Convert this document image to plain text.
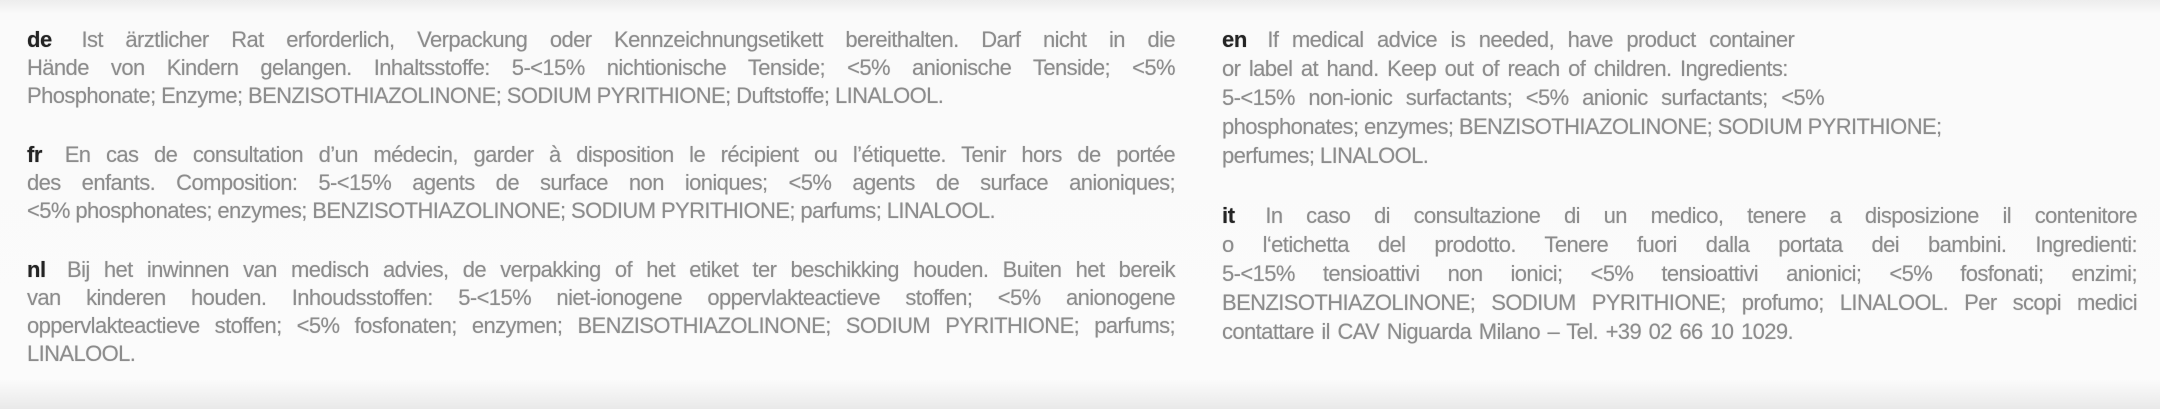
de Ist ärztlicher Rat erforderlich, Verpackung oder Kennzeichnungsetikett bereithalten. Darf nicht in die
Hände von Kindern gelangen. Inhaltsstoffe: 5-<15% nichtionische Tenside; <5% anionische Tenside; <5%
Phosphonate; Enzyme; BENZISOTHIAZOLINONE; SODIUM PYRITHIONE; Duftstoffe; LINALOOL.
fr En cas de consultation d’un médecin, garder à disposition le récipient ou l’étiquette. Tenir hors de portée
des enfants. Composition: 5-<15% agents de surface non ioniques; <5% agents de surface anioniques;
<5% phosphonates; enzymes; BENZISOTHIAZOLINONE; SODIUM PYRITHIONE; parfums; LINALOOL.
nl Bij het inwinnen van medisch advies, de verpakking of het etiket ter beschikking houden. Buiten het bereik
van kinderen houden. Inhoudsstoffen: 5-<15% niet-ionogene oppervlakteactieve stoffen; <5% anionogene
oppervlakteactieve stoffen; <5% fosfonaten; enzymen; BENZISOTHIAZOLINONE; SODIUM PYRITHIONE; parfums;
LINALOOL.
en If medical advice is needed, have product container
or label at hand. Keep out of reach of children. Ingredients:
5-<15% non-ionic surfactants; <5% anionic surfactants; <5%
phosphonates; enzymes; BENZISOTHIAZOLINONE; SODIUM PYRITHIONE;
perfumes; LINALOOL.
it In caso di consultazione di un medico, tenere a disposizione il contenitore
o l‘etichetta del prodotto. Tenere fuori dalla portata dei bambini. Ingredienti:
5-<15% tensioattivi non ionici; <5% tensioattivi anionici; <5% fosfonati; enzimi;
BENZISOTHIAZOLINONE; SODIUM PYRITHIONE; profumo; LINALOOL. Per scopi medici
contattare il CAV Niguarda Milano – Tel. +39 02 66 10 1029.
